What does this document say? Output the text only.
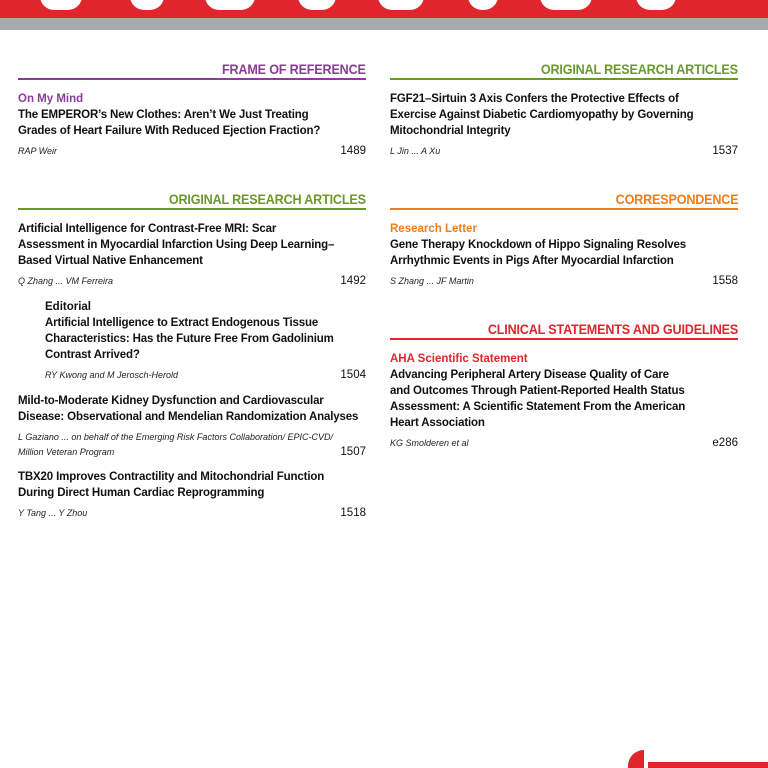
FRAME OF REFERENCE
On My Mind
The EMPEROR’s New Clothes: Aren’t We Just Treating
Grades of Heart Failure With Reduced Ejection Fraction?
RAP Weir	1489
ORIGINAL RESEARCH ARTICLES
Artificial Intelligence for Contrast-Free MRI: Scar
Assessment in Myocardial Infarction Using Deep Learning–
Based Virtual Native Enhancement
Q Zhang ... VM Ferreira	1492
Editorial
Artificial Intelligence to Extract Endogenous Tissue
Characteristics: Has the Future Free From Gadolinium
Contrast Arrived?
RY Kwong and M Jerosch-Herold	1504
Mild-to-Moderate Kidney Dysfunction and Cardiovascular
Disease: Observational and Mendelian Randomization Analyses
L Gaziano ... on behalf of the Emerging Risk Factors Collaboration/ EPIC-CVD/
Million Veteran Program	1507
TBX20 Improves Contractility and Mitochondrial Function
During Direct Human Cardiac Reprogramming
Y Tang ... Y Zhou	1518
ORIGINAL RESEARCH ARTICLES
FGF21–Sirtuin 3 Axis Confers the Protective Effects of
Exercise Against Diabetic Cardiomyopathy by Governing
Mitochondrial Integrity
L Jin ... A Xu	1537
CORRESPONDENCE
Research Letter
Gene Therapy Knockdown of Hippo Signaling Resolves
Arrhythmic Events in Pigs After Myocardial Infarction
S Zhang ... JF Martin	1558
CLINICAL STATEMENTS AND GUIDELINES
AHA Scientific Statement
Advancing Peripheral Artery Disease Quality of Care
and Outcomes Through Patient-Reported Health Status
Assessment: A Scientific Statement From the American
Heart Association
KG Smolderen et al	e286
